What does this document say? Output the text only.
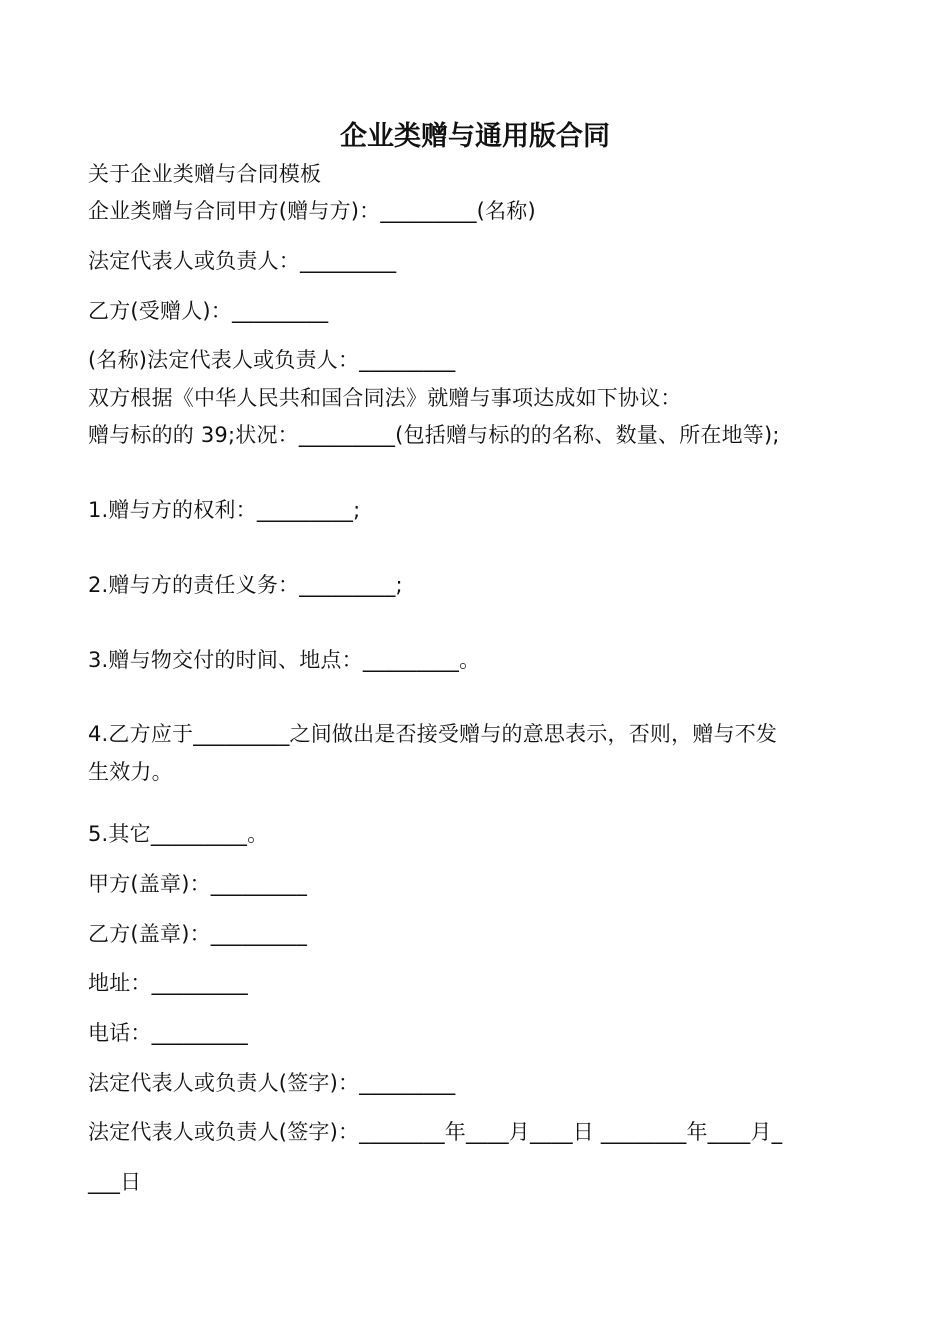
企业类赠与通用版合同
关于企业类赠与合同模板
企业类赠与合同甲方(赠与方)：_________(名称)
法定代表人或负责人：_________
乙方(受赠人)：_________
(名称)法定代表人或负责人：_________
双方根据《中华人民共和国合同法》就赠与事项达成如下协议：
赠与标的的 39;状况：_________(包括赠与标的的名称、数量、所在地等);
1.赠与方的权利：_________;
2.赠与方的责任义务：_________;
3.赠与物交付的时间、地点：_________。
4.乙方应于_________之间做出是否接受赠与的意思表示，否则，赠与不发
生效力。
5.其它_________。
甲方(盖章)：_________
乙方(盖章)：_________
地址：_________
电话：_________
法定代表人或负责人(签字)：_________
法定代表人或负责人(签字)：________年____月____日 ________年____月_
___日
